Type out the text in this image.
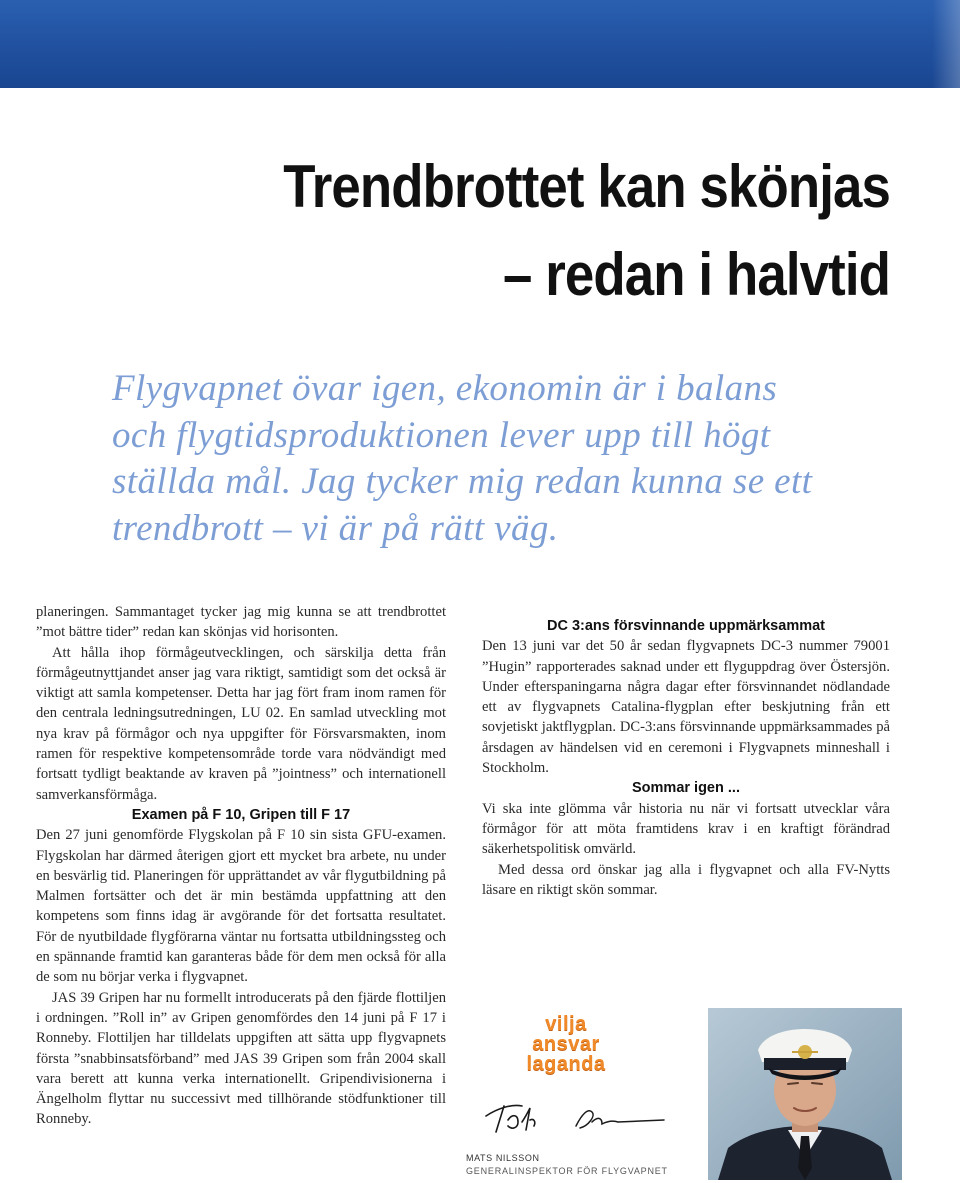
Trendbrottet kan skönjas
– redan i halvtid
Flygvapnet övar igen, ekonomin är i balans och flygtidsproduktionen lever upp till högt ställda mål. Jag tycker mig redan kunna se ett trendbrott – vi är på rätt väg.

planeringen. Sammantaget tycker jag mig kunna se att trendbrottet ”mot bättre tider” redan kan skönjas vid horisonten.

Att hålla ihop förmågeutvecklingen, och särskilja detta från förmågeutnyttjandet anser jag vara riktigt, samtidigt som det också är viktigt att samla kompetenser. Detta har jag fört fram inom ramen för den centrala ledningsutredningen, LU 02. En samlad utveckling mot nya krav på förmågor och nya uppgifter för Försvarsmakten, inom ramen för respektive kompetensområde torde vara nödvändigt med fortsatt tydligt beaktande av kraven på ”jointness” och internationell samverkansförmåga.

Examen på F 10, Gripen till F 17

Den 27 juni genomförde Flygskolan på F 10 sin sista GFU-examen. Flygskolan har därmed återigen gjort ett mycket bra arbete, nu under en besvärlig tid. Planeringen för upprättandet av vår flygutbildning på Malmen fortsätter och det är min bestämda uppfattning att den kompetens som finns idag är avgörande för det fortsatta resultatet. För de nyutbildade flygförarna väntar nu fortsatta utbildningssteg och en spännande framtid kan garanteras både för dem men också för alla de som nu börjar verka i flygvapnet.

JAS 39 Gripen har nu formellt introducerats på den fjärde flottiljen i ordningen. ”Roll in” av Gripen genomfördes den 14 juni på F 17 i Ronneby. Flottiljen har tilldelats uppgiften att sätta upp flygvapnets första ”snabbinsatsförband” med JAS 39 Gripen som från 2004 skall vara berett att kunna verka internationellt. Gripendivisionerna i Ängelholm flyttar nu successivt med tillhörande stödfunktioner till Ronneby.

DC 3:ans försvinnande uppmärksammat

Den 13 juni var det 50 år sedan flygvapnets DC-3 nummer 79001 ”Hugin” rapporterades saknad under ett flyguppdrag över Östersjön. Under efterspaningarna några dagar efter försvinnandet nödlandade ett av flygvapnets Catalina-flygplan efter beskjutning från ett sovjetiskt jaktflygplan. DC-3:ans försvinnande uppmärksammades på årsdagen av händelsen vid en ceremoni i Flygvapnets minneshall i Stockholm.

Sommar igen ...

Vi ska inte glömma vår historia nu när vi fortsatt utvecklar våra förmågor för att möta framtidens krav i en kraftigt förändrad säkerhetspolitisk omvärld.

Med dessa ord önskar jag alla i flygvapnet och alla FV-Nytts läsare en riktigt skön sommar.

vilja
ansvar
laganda
MATS NILSSON
GENERALINSPEKTOR FÖR FLYGVAPNET
